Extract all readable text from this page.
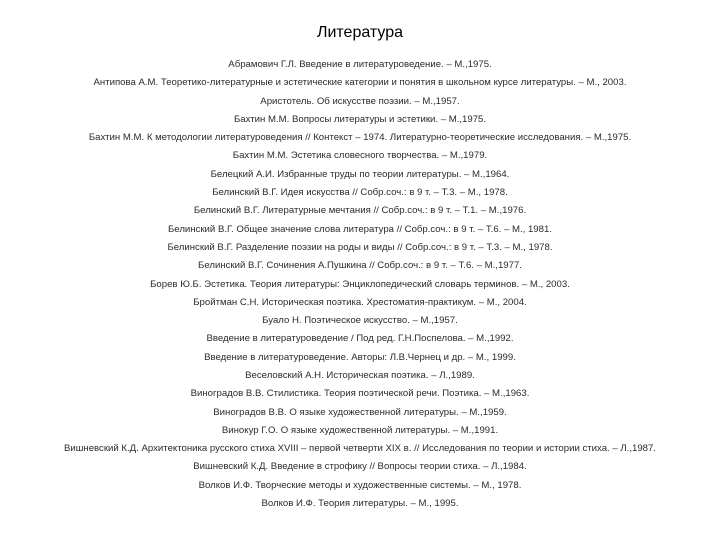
Литература
Абрамович Г.Л. Введение в литературоведение. – М.,1975.
Антипова А.М. Теоретико-литературные и эстетические категории и понятия в школьном курсе литературы. – М., 2003.
Аристотель. Об искусстве поэзии. – М.,1957.
Бахтин М.М. Вопросы литературы и эстетики. – М.,1975.
Бахтин М.М. К методологии литературоведения // Контекст – 1974. Литературно-теоретические исследования. – М.,1975.
Бахтин М.М. Эстетика словесного творчества. – М.,1979.
Белецкий А.И. Избранные труды по теории литературы. – М.,1964.
Белинский В.Г. Идея искусства // Собр.соч.: в 9 т. – Т.3. – М., 1978.
Белинский В.Г. Литературные мечтания // Собр.соч.: в 9 т. – Т.1. – М.,1976.
Белинский В.Г. Общее значение слова литература // Собр.соч.: в 9 т. – Т.6. – М., 1981.
Белинский В.Г. Разделение поэзии на роды и виды // Собр.соч.: в 9 т. – Т.3. – М., 1978.
Белинский В.Г. Сочинения А.Пушкина // Собр.соч.: в 9 т. – Т.6. – М.,1977.
Борев Ю.Б. Эстетика. Теория литературы: Энциклопедический словарь терминов. – М., 2003.
Бройтман С.Н. Историческая поэтика. Хрестоматия-практикум. – М., 2004.
Буало Н. Поэтическое искусство. – М.,1957.
Введение в литературоведение / Под ред. Г.Н.Поспелова. – М.,1992.
Введение в литературоведение. Авторы: Л.В.Чернец и др. – М., 1999.
Веселовский А.Н. Историческая поэтика. – Л.,1989.
Виноградов В.В. Стилистика. Теория поэтической речи. Поэтика. – М.,1963.
Виноградов В.В. О языке художественной литературы. – М.,1959.
Винокур Г.О. О языке художественной литературы. – М.,1991.
Вишневский К.Д. Архитектоника русского стиха XVIII – первой четверти XIX в. // Исследования по теории и истории стиха. – Л.,1987.
Вишневский К.Д. Введение в строфику // Вопросы теории стиха. – Л.,1984.
Волков И.Ф. Творческие методы и художественные системы. – М., 1978.
Волков И.Ф. Теория литературы. – М., 1995.
